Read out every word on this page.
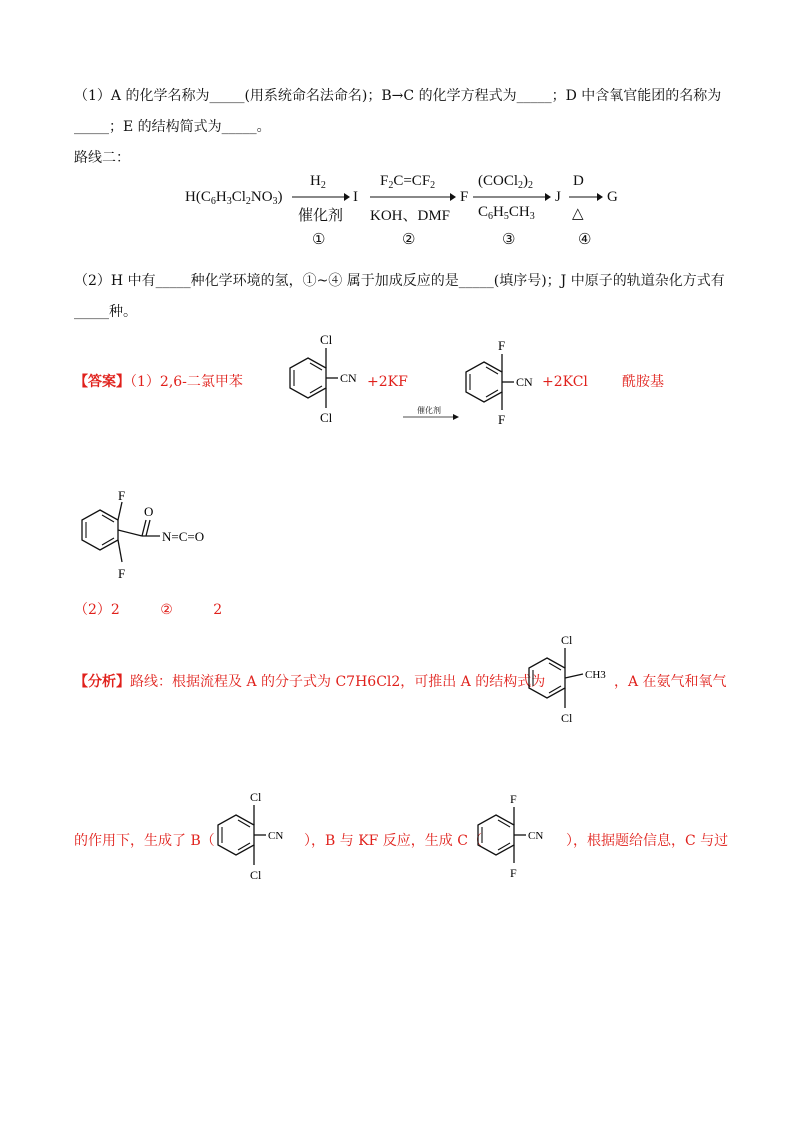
（1）A 的化学名称为_____(用系统命名法命名)；B→C 的化学方程式为_____；D 中含氧官能团的名称为
_____；E 的结构简式为_____。
路线二：
$H(C_6H_3Cl_2NO_3)$
$H_2$
催化剂
I
$F_2C=CF_2$
KOH、DMF
F
$(COCl_2)_2$
$C_6H_5CH_3$
J
D
△
G
①	②	③	④
（2）H 中有_____种化学环境的氢，①~④ 属于加成反应的是_____(填序号)；J 中原子的轨道杂化方式有
_____种。
【答案】（1）2,6-二氯甲苯
Cl
Cl
CN +2KF
催化剂
F
F
CN +2KCl 酰胺基
F
F
O
N=C=O
（2）2	②	2
【分析】路线：根据流程及 A 的分子式为 C7H6Cl2，可推出 A 的结构式为
Cl
Cl
CH3 ，A 在氨气和氧气
的作用下，生成了 B（
Cl
Cl
CN ），B 与 KF 反应，生成 C（
F
F
CN ），根据题给信息，C 与过
